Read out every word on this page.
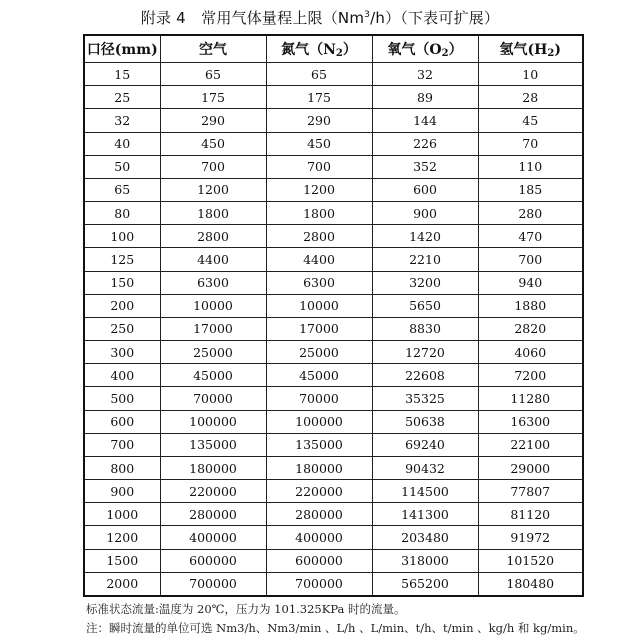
附录 4　常用气体量程上限（Nm$^3$/h）（下表可扩展）
口径(mm)	空气	氮气$(N_2)$	氧气$(O_2)$	氢气$(H_2)$
15	65	65	32	10
25	175	175	89	28
32	290	290	144	45
40	450	450	226	70
50	700	700	352	110
65	1200	1200	600	185
80	1800	1800	900	280
100	2800	2800	1420	470
125	4400	4400	2210	700
150	6300	6300	3200	940
200	10000	10000	5650	1880
250	17000	17000	8830	2820
300	25000	25000	12720	4060
400	45000	45000	22608	7200
500	70000	70000	35325	11280
600	100000	100000	50638	16300
700	135000	135000	69240	22100
800	180000	180000	90432	29000
900	220000	220000	114500	77807
1000	280000	280000	141300	81120
1200	400000	400000	203480	91972
1500	600000	600000	318000	101520
2000	700000	700000	565200	180480
标准状态流量:温度为 20℃，压力为 101.325KPa 时的流量。
注：瞬时流量的单位可选 Nm3/h、Nm3/min 、L/h 、L/min、t/h、t/min 、kg/h 和 kg/min。
